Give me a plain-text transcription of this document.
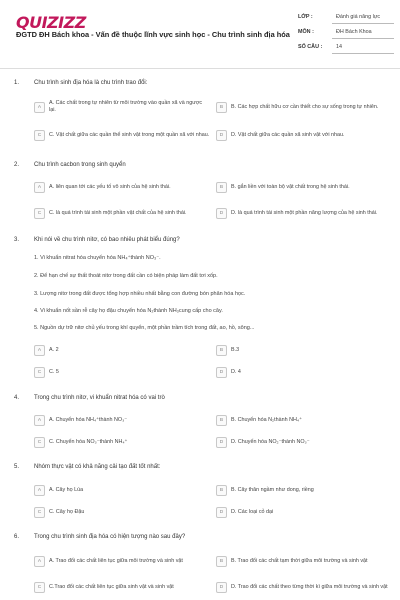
QUIZIZZ
ĐGTD ĐH Bách khoa - Vấn đề thuộc lĩnh vực sinh học - Chu trình sinh địa hóa
LỚP :	Đánh giá năng lực
MÔN :	ĐH Bách Khoa
SỐ CÂU :	14
1. Chu trình sinh địa hóa là chu trình trao đổi:
A
A. Các chất trong tự nhiên từ môi trường vào quần xã và ngược lại.	B	B. Các hợp chất hữu cơ cần thiết cho sự sống trong tự nhiên.
C	C. Vật chất giữa các quần thể sinh vật trong một quần xã với nhau.	D	D. Vật chất giữa các quần xã sinh vật với nhau.
2. Chu trình cacbon trong sinh quyển
A	A. liên quan tới các yếu tố vô sinh của hệ sinh thái.	B	B. gắn liền với toàn bộ vật chất trong hệ sinh thái.
C	C. là quá trình tái sinh một phần vật chất của hệ sinh thái.	D	D. là quá trình tái sinh một phần năng lượng của hệ sinh thái.
3. Khi nói về chu trình nitơ, có bao nhiêu phát biểu đúng?
1. Vi khuẩn nitrat hóa chuyển hóa NH₄⁺thành NO₃⁻.
2. Để hạn chế sự thất thoát nitơ trong đất cần có biện pháp làm đất tơi xốp.
3. Lượng nitơ trong đất được tổng hợp nhiều nhất bằng con đường bón phân hóa học.
4. Vi khuẩn nốt sần rễ cây họ đậu chuyển hóa N₂thành NH₃cung cấp cho cây.
5. Nguồn dự trữ nitơ chủ yếu trong khí quyển, một phần trầm tích trong đất, ao, hồ, sông...
A	A. 2	B	B.3
C	C. 5	D	D. 4
4. Trong chu trình nitơ, vi khuẩn nitrat hóa có vai trò
A	A. Chuyển hóa NH₄⁺thành NO₃⁻	B	B. Chuyển hóa N₂thành NH₄⁺
C	C. Chuyển hóa NO₃⁻thành NH₄⁺	D	D. Chuyển hóa NO₂⁻thành NO₃⁻
5. Nhóm thực vật có khả năng cải tạo đất tốt nhất:
A	A. Cây họ Lúa	B	B. Cây thân ngầm như dong, riềng
C	C. Cây họ Đậu	D	D. Các loại cỏ dại
6. Trong chu trình sinh địa hóa có hiện tượng nào sau đây?
A	A. Trao đổi các chất liên tục giữa môi trường và sinh vật	B	B. Trao đổi các chất tạm thời giữa môi trường và sinh vật
C	C.Trao đổi các chất liên tục giữa sinh vật và sinh vật	D	D. Trao đổi các chất theo từng thời kì giữa môi trường và sinh vật
